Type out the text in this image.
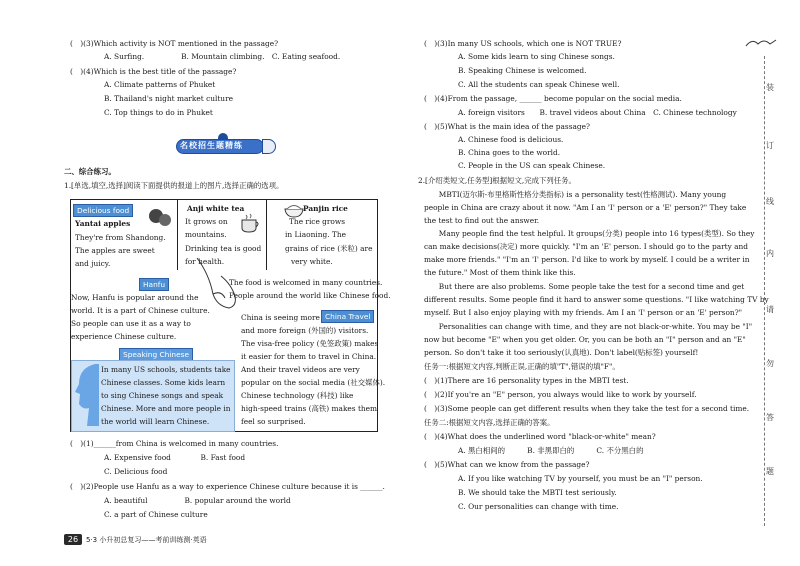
(　)(3)Which activity is NOT mentioned in the passage?
A. Surfing.　　　　　B. Mountain climbing.　C. Eating seafood.
(　)(4)Which is the best title of the passage?
A. Climate patterns of Phuket
B. Thailand's night market culture
C. Top things to do in Phuket
名校招生题精练
二、综合练习。
1.[单选,填空,选择]阅读下面提供的报道上的图片,选择正确的选项。
Delicious food
Yantai apples
They're from Shandong.
The apples are sweet
and juicy.
Anji white tea
It grows on
mountains.
Drinking tea is good
for health.
Panjin rice
The rice grows
in Liaoning. The
grains of rice (米粒) are
very white.
Hanfu
Now, Hanfu is popular around the
world. It is a part of Chinese culture.
So people can use it as a way to
experience Chinese culture.
The food is welcomed in many countries.
People around the world like Chinese food.
China Travel
China is seeing more
and more foreign (外国的) visitors.
The visa-free policy (免签政策) makes
it easier for them to travel in China.
And their travel videos are very
popular on the social media (社交媒体).
Chinese technology (科技) like
high-speed trains (高铁) makes them
feel so surprised.
Speaking Chinese
In many US schools, students take
Chinese classes. Some kids learn
to sing Chinese songs and speak
Chinese. More and more people in
the world will learn Chinese.
(　)(1)______from China is welcomed in many countries.
A. Expensive food　　　　B. Fast food
C. Delicious food
(　)(2)People use Hanfu as a way to experience Chinese culture because it is ______.
A. beautiful　　　　　B. popular around the world
C. a part of Chinese culture
26	5·3 小升初总复习——考前训练测·英语
(　)(3)In many US schools, which one is NOT TRUE?
A. Some kids learn to sing Chinese songs.
B. Speaking Chinese is welcomed.
C. All the students can speak Chinese well.
(　)(4)From the passage, ______ become popular on the social media.
A. foreign visitors　　B. travel videos about China　C. Chinese technology
(　)(5)What is the main idea of the passage?
A. Chinese food is delicious.
B. China goes to the world.
C. People in the US can speak Chinese.
2.[介绍类短文,任务型]根据短文,完成下列任务。
　　MBTI(迈尔斯-布里格斯性格分类指标) is a personality test(性格测试). Many young
people in China are crazy about it now. "Am I an 'I' person or a 'E' person?" They take
the test to find out the answer.
　　Many people find the test helpful. It groups(分类) people into 16 types(类型). So they
can make decisions(决定) more quickly. "I'm an 'E' person. I should go to the party and
make more friends." "I'm an 'I' person. I'd like to work by myself. I could be a writer in
the future." Most of them think like this.
　　But there are also problems. Some people take the test for a second time and get
different results. Some people find it hard to answer some questions. "I like watching TV by
myself. But I also enjoy playing with my friends. Am I an 'I' person or an 'E' person?"
　　Personalities can change with time, and they are not black-or-white. You may be "I"
now but become "E" when you get older. Or, you can be both an "I" person and an "E"
person. So don't take it too seriously(认真地). Don't label(贴标签) yourself!
任务一:根据短文内容,判断正误,正确的填"T",错误的填"F"。
(　)(1)There are 16 personality types in the MBTI test.
(　)(2)If you're an "E" person, you always would like to work by yourself.
(　)(3)Some people can get different results when they take the test for a second time.
任务二:根据短文内容,选择正确的答案。
(　)(4)What does the underlined word "black-or-white" mean?
A. 黑白相间的　　　B. 非黑即白的　　　C. 不分黑白的
(　)(5)What can we know from the passage?
A. If you like watching TV by yourself, you must be an "I" person.
B. We should take the MBTI test seriously.
C. Our personalities can change with time.
装
订
线
内
请
勿
答
题
